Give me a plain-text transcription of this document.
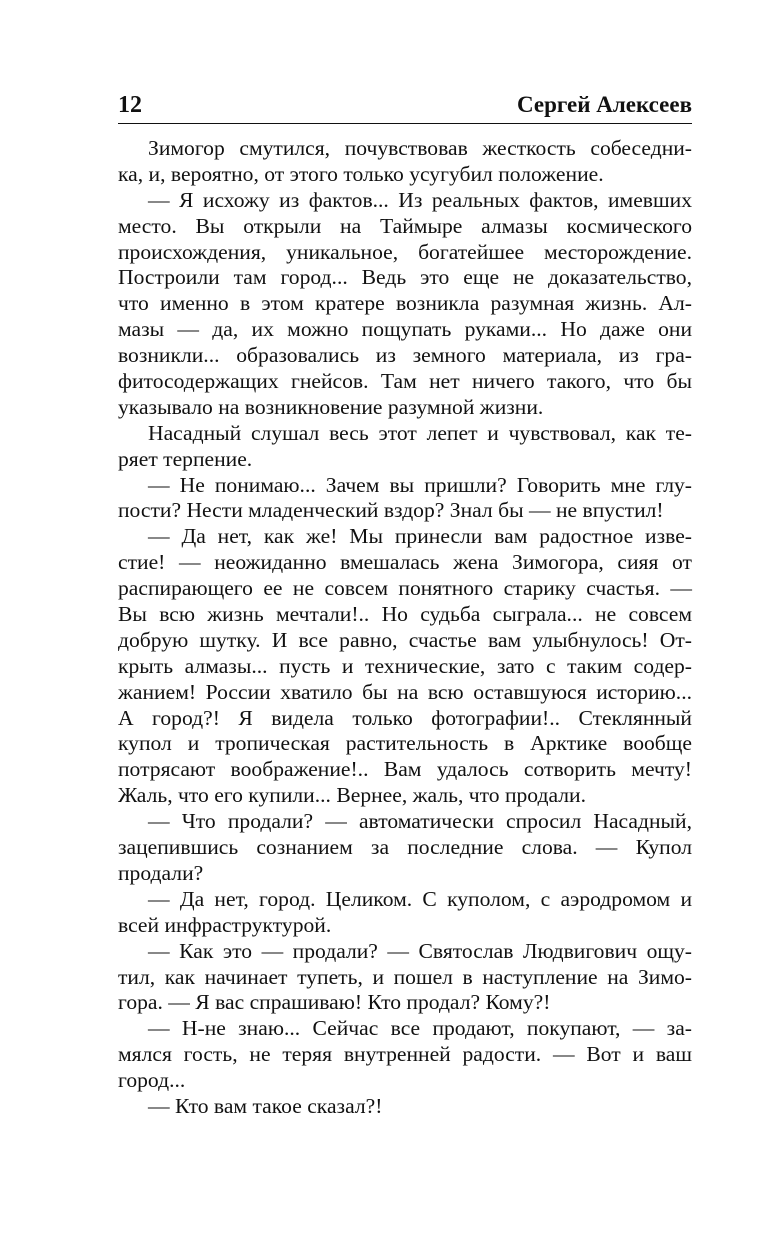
12	Сергей Алексеев
Зимогор смутился, почувствовав жесткость собеседни-
ка, и, вероятно, от этого только усугубил положение.
— Я исхожу из фактов... Из реальных фактов, имевших
место. Вы открыли на Таймыре алмазы космического
происхождения, уникальное, богатейшее месторождение.
Построили там город... Ведь это еще не доказательство,
что именно в этом кратере возникла разумная жизнь. Ал-
мазы — да, их можно пощупать руками... Но даже они
возникли... образовались из земного материала, из гра-
фитосодержащих гнейсов. Там нет ничего такого, что бы
указывало на возникновение разумной жизни.
Насадный слушал весь этот лепет и чувствовал, как те-
ряет терпение.
— Не понимаю... Зачем вы пришли? Говорить мне глу-
пости? Нести младенческий вздор? Знал бы — не впустил!
— Да нет, как же! Мы принесли вам радостное изве-
стие! — неожиданно вмешалась жена Зимогора, сияя от
распирающего ее не совсем понятного старику счастья. —
Вы всю жизнь мечтали!.. Но судьба сыграла... не совсем
добрую шутку. И все равно, счастье вам улыбнулось! От-
крыть алмазы... пусть и технические, зато с таким содер-
жанием! России хватило бы на всю оставшуюся историю...
А город?! Я видела только фотографии!.. Стеклянный
купол и тропическая растительность в Арктике вообще
потрясают воображение!.. Вам удалось сотворить мечту!
Жаль, что его купили... Вернее, жаль, что продали.
— Что продали? — автоматически спросил Насадный,
зацепившись сознанием за последние слова. — Купол
продали?
— Да нет, город. Целиком. С куполом, с аэродромом и
всей инфраструктурой.
— Как это — продали? — Святослав Людвигович ощу-
тил, как начинает тупеть, и пошел в наступление на Зимо-
гора. — Я вас спрашиваю! Кто продал? Кому?!
— Н-не знаю... Сейчас все продают, покупают, — за-
мялся гость, не теряя внутренней радости. — Вот и ваш
город...
— Кто вам такое сказал?!
